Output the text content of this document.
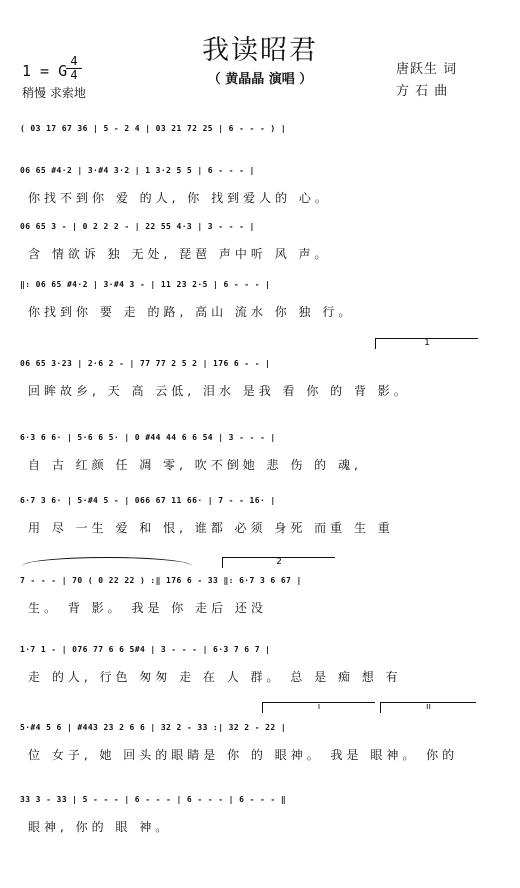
我读昭君
（ 黄晶晶 演唱 ）
1 = G
4
4
稍慢 求索地
唐跃生 词
方 石 曲
( 03 17 67 36 | 5 - 2 4 | 03 21 72 25 | 6 - - - ) |
06 65 #4·2 | 3·#4 3·2 | 1 3·2 5 5 | 6 - - - |
你找不到你 爱 的人, 你 找到爱人的 心。
06 65 3 - | 0 2 2 2 - | 22 55 4·3 | 3 - - - |
含 情欲诉 独 无处, 琵琶 声中听 风 声。
‖: 06 65 #4·2 | 3·#4 3 - | 11 23 2·5 | 6 - - - |
你找到你 要 走 的路, 高山 流水 你 独 行。
1
06 65 3·23 | 2·6 2 - | 77 77 2 5 2 | 176 6 - - |
回眸故乡, 天 高 云低, 泪水 是我 看 你 的 背 影。
6·3 6 6· | 5·6 6 5· | 0 #44 44 6 6 54 | 3 - - - |
自 古 红颜 任 凋 零, 吹不倒她 悲 伤 的 魂,
6·7 3 6· | 5·#4 5 - | 066 67 11 66· | 7 - - 16· |
用 尽 一生 爱 和 恨, 谁都 必须 身死 而重 生 重
2
7 - - - | 70 ( 0 22 22 ) :‖ 176 6 - 33 ‖: 6·7 3 6 67 |
生。 背 影。 我是 你 走后 还没
1·7 1 - | 076 77 6 6 5#4 | 3 - - - | 6·3 7 6 7 |
走 的人, 行色 匆匆 走 在 人 群。 总 是 痴 想 有
i	ii
5·#4 5 6 | #443 23 2 6 6 | 32 2 - 33 :| 32 2 - 22 |
位 女子, 她 回头的眼睛是 你 的 眼神。 我是 眼神。 你的
33 3 - 33 | 5 - - - | 6 - - - | 6 - - - | 6 - - - ‖
眼神, 你的 眼 神。
